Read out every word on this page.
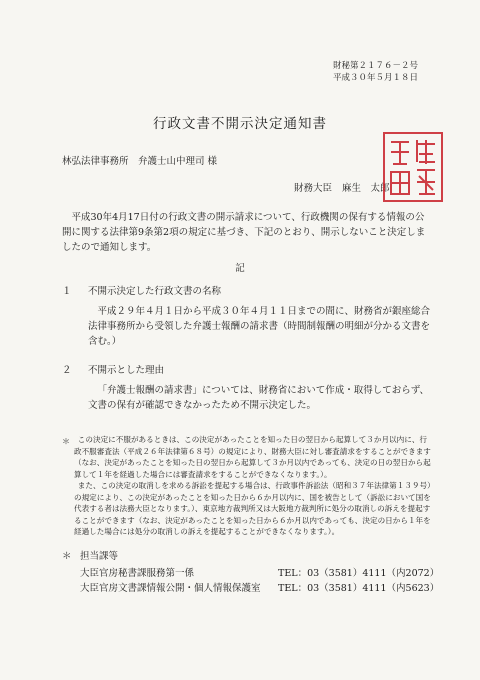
財秘第２１７６－２号
平成３０年５月１８日
行政文書不開示決定通知書
林弘法律事務所　弁護士山中理司 様
財務大臣 麻生　太郎
平成30年4月17日付の行政文書の開示請求について、行政機関の保有する情報の公開に関する法律第9条第2項の規定に基づき、下記のとおり、開示しないこと決定しましたので通知します。
記
１ 不開示決定した行政文書の名称
平成２９年４月１日から平成３０年４月１１日までの間に、財務省が銀座総合法律事務所から受領した弁護士報酬の請求書（時間制報酬の明細が分かる文書を含む。）
２ 不開示とした理由
「弁護士報酬の請求書」については、財務省において作成・取得しておらず、文書の保有が確認できなかったため不開示決定した。
＊	この決定に不服があるときは、この決定があったことを知った日の翌日から起算して３か月以内に、行政不服審査法（平成２６年法律第６８号）の規定により、財務大臣に対し審査請求をすることができます（なお、決定があったことを知った日の翌日から起算して３か月以内であっても、決定の日の翌日から起算して１年を経過した場合には審査請求をすることができなくなります。）。
また、この決定の取消しを求める訴訟を提起する場合は、行政事件訴訟法（昭和３７年法律第１３９号）の規定により、この決定があったことを知った日から６か月以内に、国を被告として（訴訟において国を代表する者は法務大臣となります。）、東京地方裁判所又は大阪地方裁判所に処分の取消しの訴えを提起することができます（なお、決定があったことを知った日から６か月以内であっても、決定の日から１年を経過した場合には処分の取消しの訴えを提起することができなくなります。）。
＊ 担当課等
大臣官房秘書課服務第一係	TEL：03（3581）4111（内2072）
大臣官房文書課情報公開・個人情報保護室 TEL：03（3581）4111（内5623）
